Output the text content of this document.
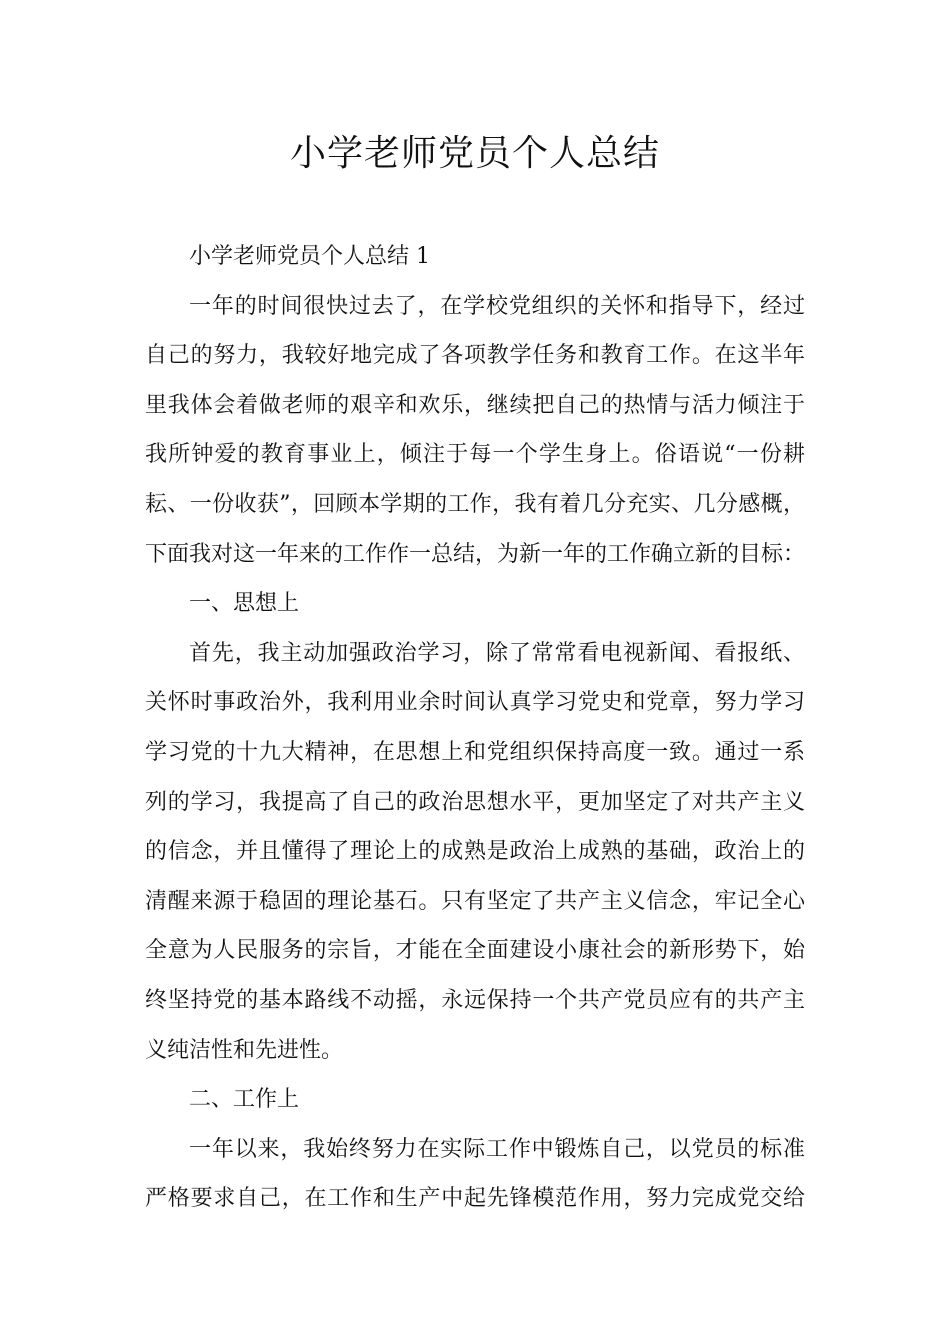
小学老师党员个人总结
小学老师党员个人总结 1
一年的时间很快过去了，在学校党组织的关怀和指导下，经过
自己的努力，我较好地完成了各项教学任务和教育工作。在这半年
里我体会着做老师的艰辛和欢乐，继续把自己的热情与活力倾注于
我所钟爱的教育事业上，倾注于每一个学生身上。俗语说“一份耕
耘、一份收获”，回顾本学期的工作，我有着几分充实、几分感概，
下面我对这一年来的工作作一总结，为新一年的工作确立新的目标：
一、思想上
首先，我主动加强政治学习，除了常常看电视新闻、看报纸、
关怀时事政治外，我利用业余时间认真学习党史和党章，努力学习
学习党的十九大精神，在思想上和党组织保持高度一致。通过一系
列的学习，我提高了自己的政治思想水平，更加坚定了对共产主义
的信念，并且懂得了理论上的成熟是政治上成熟的基础，政治上的
清醒来源于稳固的理论基石。只有坚定了共产主义信念，牢记全心
全意为人民服务的宗旨，才能在全面建设小康社会的新形势下，始
终坚持党的基本路线不动摇，永远保持一个共产党员应有的共产主
义纯洁性和先进性。
二、工作上
一年以来，我始终努力在实际工作中锻炼自己，以党员的标准
严格要求自己，在工作和生产中起先锋模范作用，努力完成党交给
